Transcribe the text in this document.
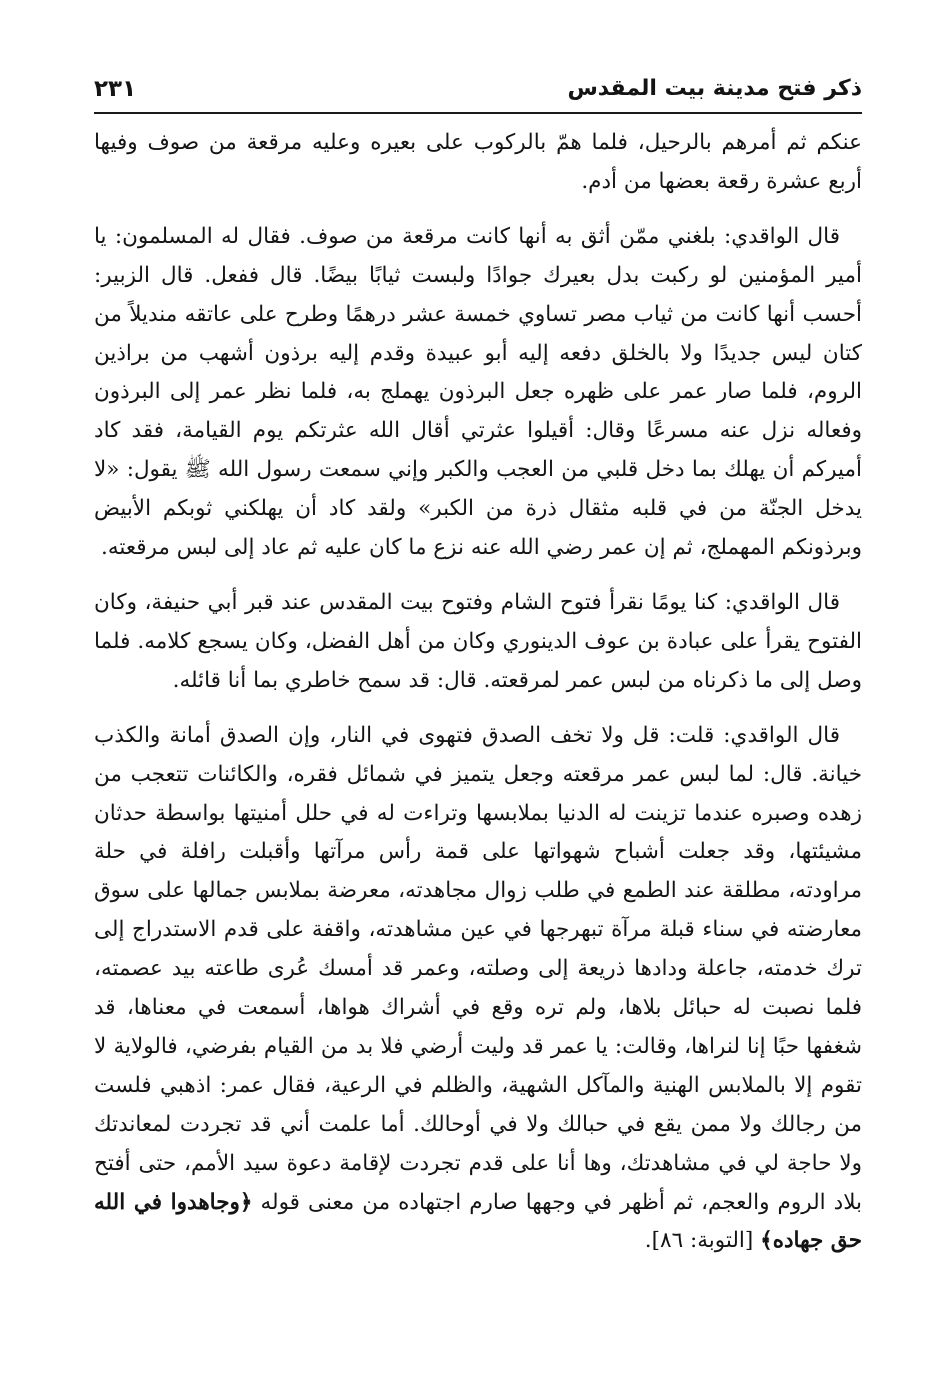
ذكر فتح مدينة بيت المقدس
٢٣١

عنكم ثم أمرهم بالرحيل، فلما همّ بالركوب على بعيره وعليه مرقعة من صوف وفيها أربع عشرة رقعة بعضها من أدم.

قال الواقدي: بلغني ممّن أثق به أنها كانت مرقعة من صوف. فقال له المسلمون: يا أمير المؤمنين لو ركبت بدل بعيرك جوادًا ولبست ثيابًا بيضًا. قال ففعل. قال الزبير: أحسب أنها كانت من ثياب مصر تساوي خمسة عشر درهمًا وطرح على عاتقه منديلاً من كتان ليس جديدًا ولا بالخلق دفعه إليه أبو عبيدة وقدم إليه برذون أشهب من براذين الروم، فلما صار عمر على ظهره جعل البرذون يهملج به، فلما نظر عمر إلى البرذون وفعاله نزل عنه مسرعًا وقال: أقيلوا عثرتي أقال الله عثرتكم يوم القيامة، فقد كاد أميركم أن يهلك بما دخل قلبي من العجب والكبر وإني سمعت رسول الله ﷺ يقول: «لا يدخل الجنّة من في قلبه مثقال ذرة من الكبر» ولقد كاد أن يهلكني ثوبكم الأبيض وبرذونكم المهملج، ثم إن عمر رضي الله عنه نزع ما كان عليه ثم عاد إلى لبس مرقعته.

قال الواقدي: كنا يومًا نقرأ فتوح الشام وفتوح بيت المقدس عند قبر أبي حنيفة، وكان الفتوح يقرأ على عبادة بن عوف الدينوري وكان من أهل الفضل، وكان يسجع كلامه. فلما وصل إلى ما ذكرناه من لبس عمر لمرقعته. قال: قد سمح خاطري بما أنا قائله.

قال الواقدي: قلت: قل ولا تخف الصدق فتهوى في النار، وإن الصدق أمانة والكذب خيانة. قال: لما لبس عمر مرقعته وجعل يتميز في شمائل فقره، والكائنات تتعجب من زهده وصبره عندما تزينت له الدنيا بملابسها وتراءت له في حلل أمنيتها بواسطة حدثان مشيئتها، وقد جعلت أشباح شهواتها على قمة رأس مرآتها وأقبلت رافلة في حلة مراودته، مطلقة عند الطمع في طلب زوال مجاهدته، معرضة بملابس جمالها على سوق معارضته في سناء قبلة مرآة تبهرجها في عين مشاهدته، واقفة على قدم الاستدراج إلى ترك خدمته، جاعلة ودادها ذريعة إلى وصلته، وعمر قد أمسك عُرى طاعته بيد عصمته، فلما نصبت له حبائل بلاها، ولم تره وقع في أشراك هواها، أسمعت في معناها، قد شغفها حبًا إنا لنراها، وقالت: يا عمر قد وليت أرضي فلا بد من القيام بفرضي، فالولاية لا تقوم إلا بالملابس الهنية والمآكل الشهية، والظلم في الرعية، فقال عمر: اذهبي فلست من رجالك ولا ممن يقع في حبالك ولا في أوحالك. أما علمت أني قد تجردت لمعاندتك ولا حاجة لي في مشاهدتك، وها أنا على قدم تجردت لإقامة دعوة سيد الأمم، حتى أفتح بلاد الروم والعجم، ثم أظهر في وجهها صارم اجتهاده من معنى قوله ﴿وجاهدوا في الله حق جهاده﴾ [التوبة: ٨٦].
